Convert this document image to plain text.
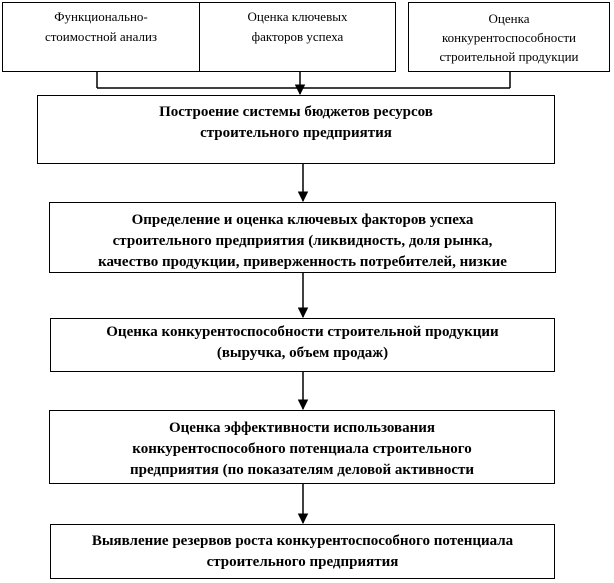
Функционально-
стоимостной анализ
Оценка ключевых
факторов успеха
Оценка
конкурентоспособности
строительной продукции
Построение системы бюджетов ресурсов
строительного предприятия
Определение и оценка ключевых факторов успеха
строительного предприятия (ликвидность, доля рынка,
качество продукции, приверженность потребителей, низкие
Оценка конкурентоспособности строительной продукции
(выручка, объем продаж)
Оценка эффективности использования
конкурентоспособного потенциала строительного
предприятия (по показателям деловой активности
Выявление резервов роста конкурентоспособного потенциала
строительного предприятия
